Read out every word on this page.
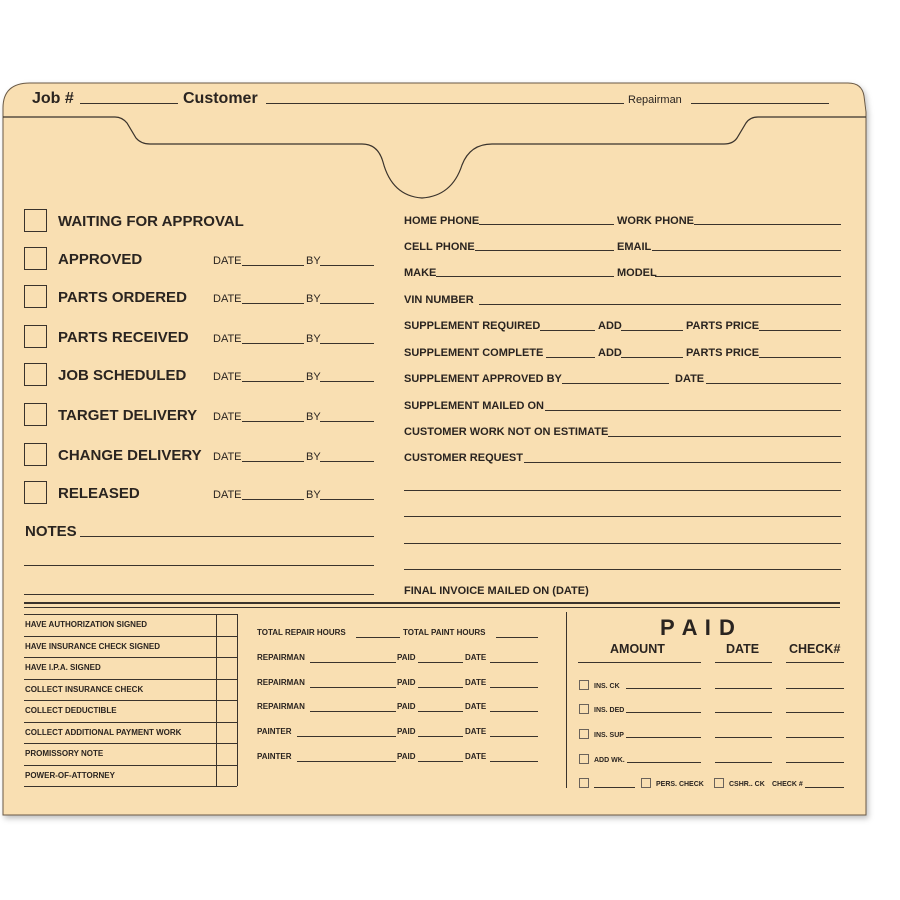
Job #	Customer	Repairman
WAITING FOR APPROVAL
APPROVED	DATE	BY
PARTS ORDERED DATE	BY
PARTS RECEIVED DATE	BY
JOB SCHEDULED DATE	BY
TARGET DELIVERY DATE	BY
CHANGE DELIVERY DATE	BY
RELEASED	DATE	BY
NOTES
HOME PHONE	WORK PHONE
CELL PHONE	EMAIL
MAKE	MODEL
VIN NUMBER
SUPPLEMENT REQUIRED	ADD	PARTS PRICE
SUPPLEMENT COMPLETE	ADD	PARTS PRICE
SUPPLEMENT APPROVED BY	DATE
SUPPLEMENT MAILED ON
CUSTOMER WORK NOT ON ESTIMATE
CUSTOMER REQUEST
FINAL INVOICE MAILED ON (DATE)
HAVE AUTHORIZATION SIGNED
HAVE INSURANCE CHECK SIGNED
HAVE I.P.A. SIGNED
COLLECT INSURANCE CHECK
COLLECT DEDUCTIBLE
COLLECT ADDITIONAL PAYMENT WORK
PROMISSORY NOTE
POWER-OF-ATTORNEY
TOTAL REPAIR HOURS	TOTAL PAINT HOURS
REPAIRMAN	PAID	DATE
REPAIRMAN	PAID	DATE
REPAIRMAN	PAID	DATE
PAINTER	PAID	DATE
PAINTER	PAID	DATE
P A I D
AMOUNT	DATE CHECK#
INS. CK
INS. DED
INS. SUP
ADD WK.
PERS. CHECK	CSHR.. CK CHECK #
